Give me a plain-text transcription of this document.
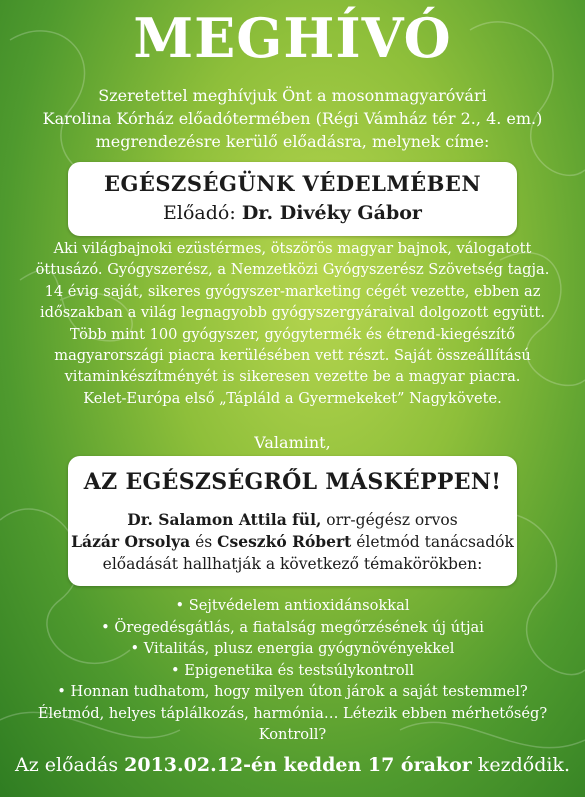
MEGHÍVÓ
Szeretettel meghívjuk Önt a mosonmagyaróvári
Karolina Kórház előadótermében (Régi Vámház tér 2., 4. em.)
megrendezésre kerülő előadásra, melynek címe:
EGÉSZSÉGÜNK VÉDELMÉBEN
Előadó: Dr. Divéky Gábor
Aki világbajnoki ezüstérmes, ötszörös magyar bajnok, válogatott
öttusázó. Gyógyszerész, a Nemzetközi Gyógyszerész Szövetség tagja.
14 évig saját, sikeres gyógyszer-marketing cégét vezette, ebben az
időszakban a világ legnagyobb gyógyszergyáraival dolgozott együtt.
Több mint 100 gyógyszer, gyógytermék és étrend-kiegészítő
magyarországi piacra kerülésében vett részt. Saját összeállítású
vitaminkészítményét is sikeresen vezette be a magyar piacra.
Kelet-Európa első „Tápláld a Gyermekeket” Nagykövete.
Valamint,
AZ EGÉSZSÉGRŐL MÁSKÉPPEN!
Dr. Salamon Attila fül, orr-gégész orvos
Lázár Orsolya és Cseszkó Róbert életmód tanácsadók
előadását hallhatják a következő témakörökben:
• Sejtvédelem antioxidánsokkal
• Öregedésgátlás, a fiatalság megőrzésének új útjai
• Vitalitás, plusz energia gyógynövényekkel
• Epigenetika és testsúlykontroll
• Honnan tudhatom, hogy milyen úton járok a saját testemmel?
Életmód, helyes táplálkozás, harmónia… Létezik ebben mérhetőség?
Kontroll?
Az előadás 2013.02.12-én kedden 17 órakor kezdődik.
